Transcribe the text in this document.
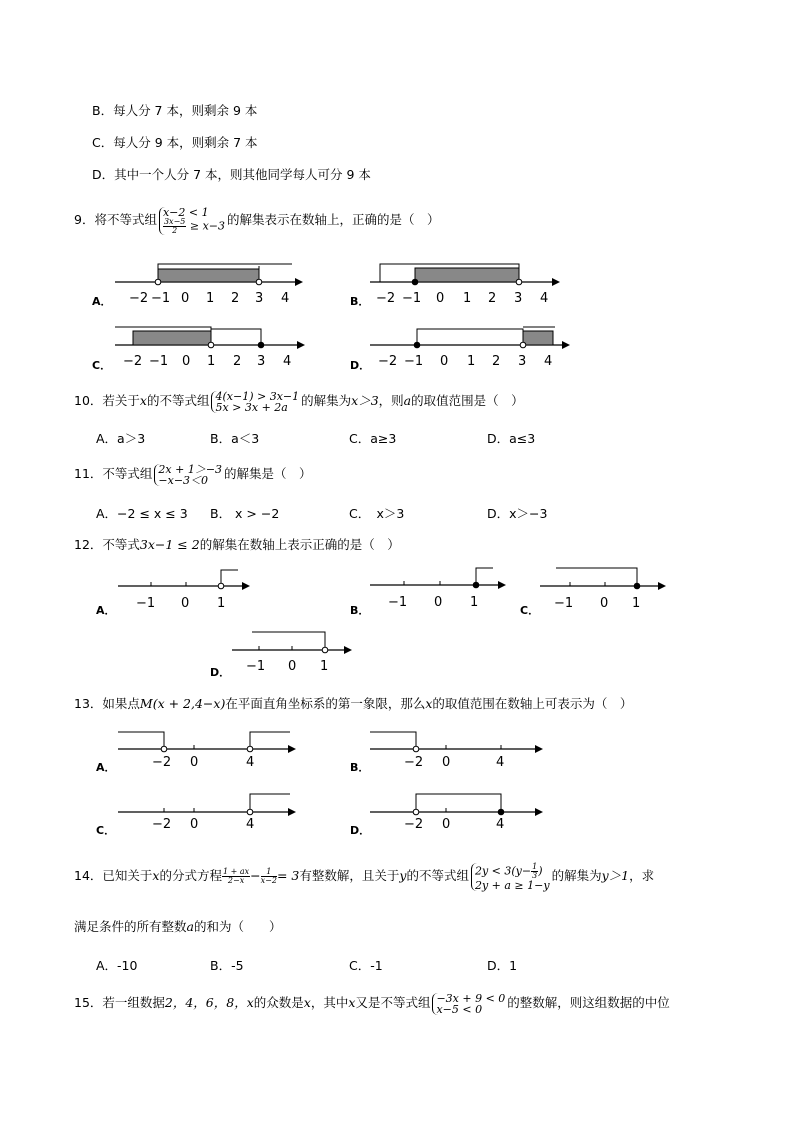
B．每人分 7 本，则剩余 9 本
C．每人分 9 本，则剩余 7 本
D．其中一个人分 7 本，则其他同学每人可分 9 本
9．将不等式组 x−2 < 1
$\frac{3x-5}{2} \ge x-3$ 的解集表示在数轴上，正确的是（　）
A． −2 −1 0 1 2 3 4	B． −2 −1 0 1 2 3 4
C． −2 −1 0 1 2 3 4	D． −2 −1 0 1 2 3 4
10．若关于x的不等式组 4(x−1) > 3x−1
5x > 3x + 2a	的解集为x＞3，则a的取值范围是（　）
A．a＞3	B．a＜3	C．a≥3	D．a≤3
11．不等式组 2x + 1＞−3
−x−3＜0	的解集是（　）
A．−2 ≤ x ≤ 3 B． x > −2	C．　x＞3	D．x＞−3
12．不等式3x−1 ≤ 2的解集在数轴上表示正确的是（　）
A． −1 0 1	B．
−1 0 1
C． −1 0 1
D． −1 0 1
13．如果点M(x + 2,4−x)在平面直角坐标系的第一象限，那么x的取值范围在数轴上可表示为（　）
A．	−2 0	4	B．	−2 0	4
C．	−2 0	4	D．	−2 0	4
14．已知关于x的分式方程 $\frac{1 + ax}{2-x} - \frac{1}{x-2} = 3$有整数解，且关于y的不等式组 $2y < 3(y- \frac{1}{3}$ )
2y + a ≥ 1−y
的解集为y＞1，求
满足条件的所有整数a的和为（　　）
A．-10	B．-5	C．-1	D．1
15．若一组数据2，4，6，8，x的众数是x，其中x又是不等式组 −3x + 9 < 0
x−5 < 0	的整数解，则这组数据的中位
